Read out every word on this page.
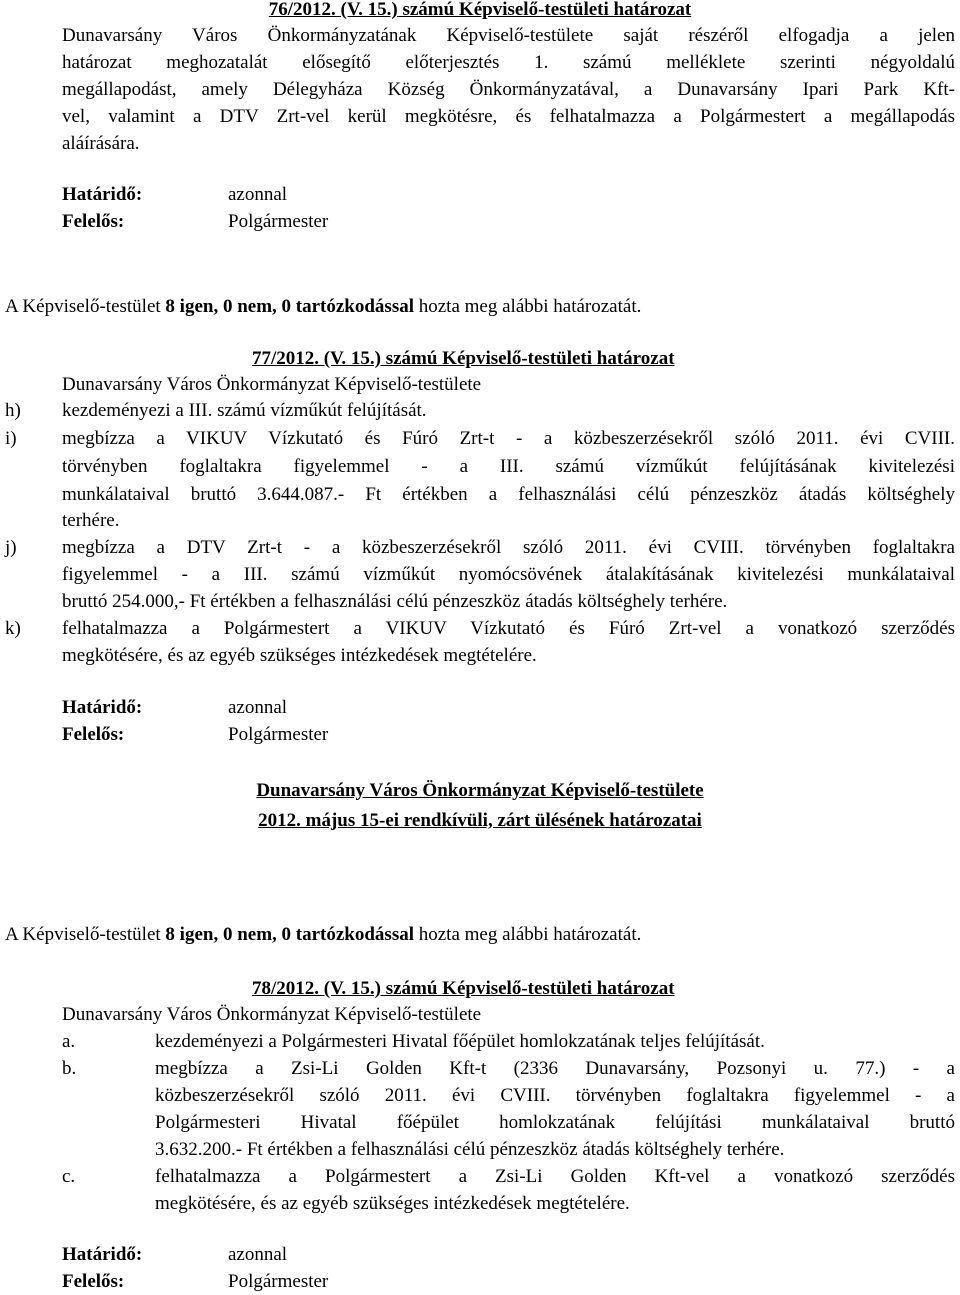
76/2012. (V. 15.) számú Képviselő-testületi határozat
Dunavarsány Város Önkormányzatának Képviselő-testülete saját részéről elfogadja a jelen
határozat meghozatalát elősegítő előterjesztés 1. számú melléklete szerinti négyoldalú
megállapodást, amely Délegyháza Község Önkormányzatával, a Dunavarsány Ipari Park Kft-
vel, valamint a DTV Zrt-vel kerül megkötésre, és felhatalmazza a Polgármestert a megállapodás
aláírására.
Határidő:	azonnal
Felelős:	Polgármester
A Képviselő-testület 8 igen, 0 nem, 0 tartózkodással hozta meg alábbi határozatát.
77/2012. (V. 15.) számú Képviselő-testületi határozat
Dunavarsány Város Önkormányzat Képviselő-testülete
h) kezdeményezi a III. számú vízműkút felújítását.
i) megbízza a VIKUV Vízkutató és Fúró Zrt-t - a közbeszerzésekről szóló 2011. évi CVIII.
törvényben foglaltakra figyelemmel - a III. számú vízműkút felújításának kivitelezési
munkálataival bruttó 3.644.087.- Ft értékben a felhasználási célú pénzeszköz átadás költséghely
terhére.
j) megbízza a DTV Zrt-t - a közbeszerzésekről szóló 2011. évi CVIII. törvényben foglaltakra
figyelemmel - a III. számú vízműkút nyomócsövének átalakításának kivitelezési munkálataival
bruttó 254.000,- Ft értékben a felhasználási célú pénzeszköz átadás költséghely terhére.
k) felhatalmazza a Polgármestert a VIKUV Vízkutató és Fúró Zrt-vel a vonatkozó szerződés
megkötésére, és az egyéb szükséges intézkedések megtételére.
Határidő:	azonnal
Felelős:	Polgármester
Dunavarsány Város Önkormányzat Képviselő-testülete
2012. május 15-ei rendkívüli, zárt ülésének határozatai
A Képviselő-testület 8 igen, 0 nem, 0 tartózkodással hozta meg alábbi határozatát.
78/2012. (V. 15.) számú Képviselő-testületi határozat
Dunavarsány Város Önkormányzat Képviselő-testülete
a.	kezdeményezi a Polgármesteri Hivatal főépület homlokzatának teljes felújítását.
b.	megbízza a Zsi-Li Golden Kft-t (2336 Dunavarsány, Pozsonyi u. 77.) - a
közbeszerzésekről szóló 2011. évi CVIII. törvényben foglaltakra figyelemmel - a
Polgármesteri Hivatal főépület homlokzatának felújítási munkálataival bruttó
3.632.200.- Ft értékben a felhasználási célú pénzeszköz átadás költséghely terhére.
c.	felhatalmazza a Polgármestert a Zsi-Li Golden Kft-vel a vonatkozó szerződés
megkötésére, és az egyéb szükséges intézkedések megtételére.
Határidő:	azonnal
Felelős:	Polgármester
